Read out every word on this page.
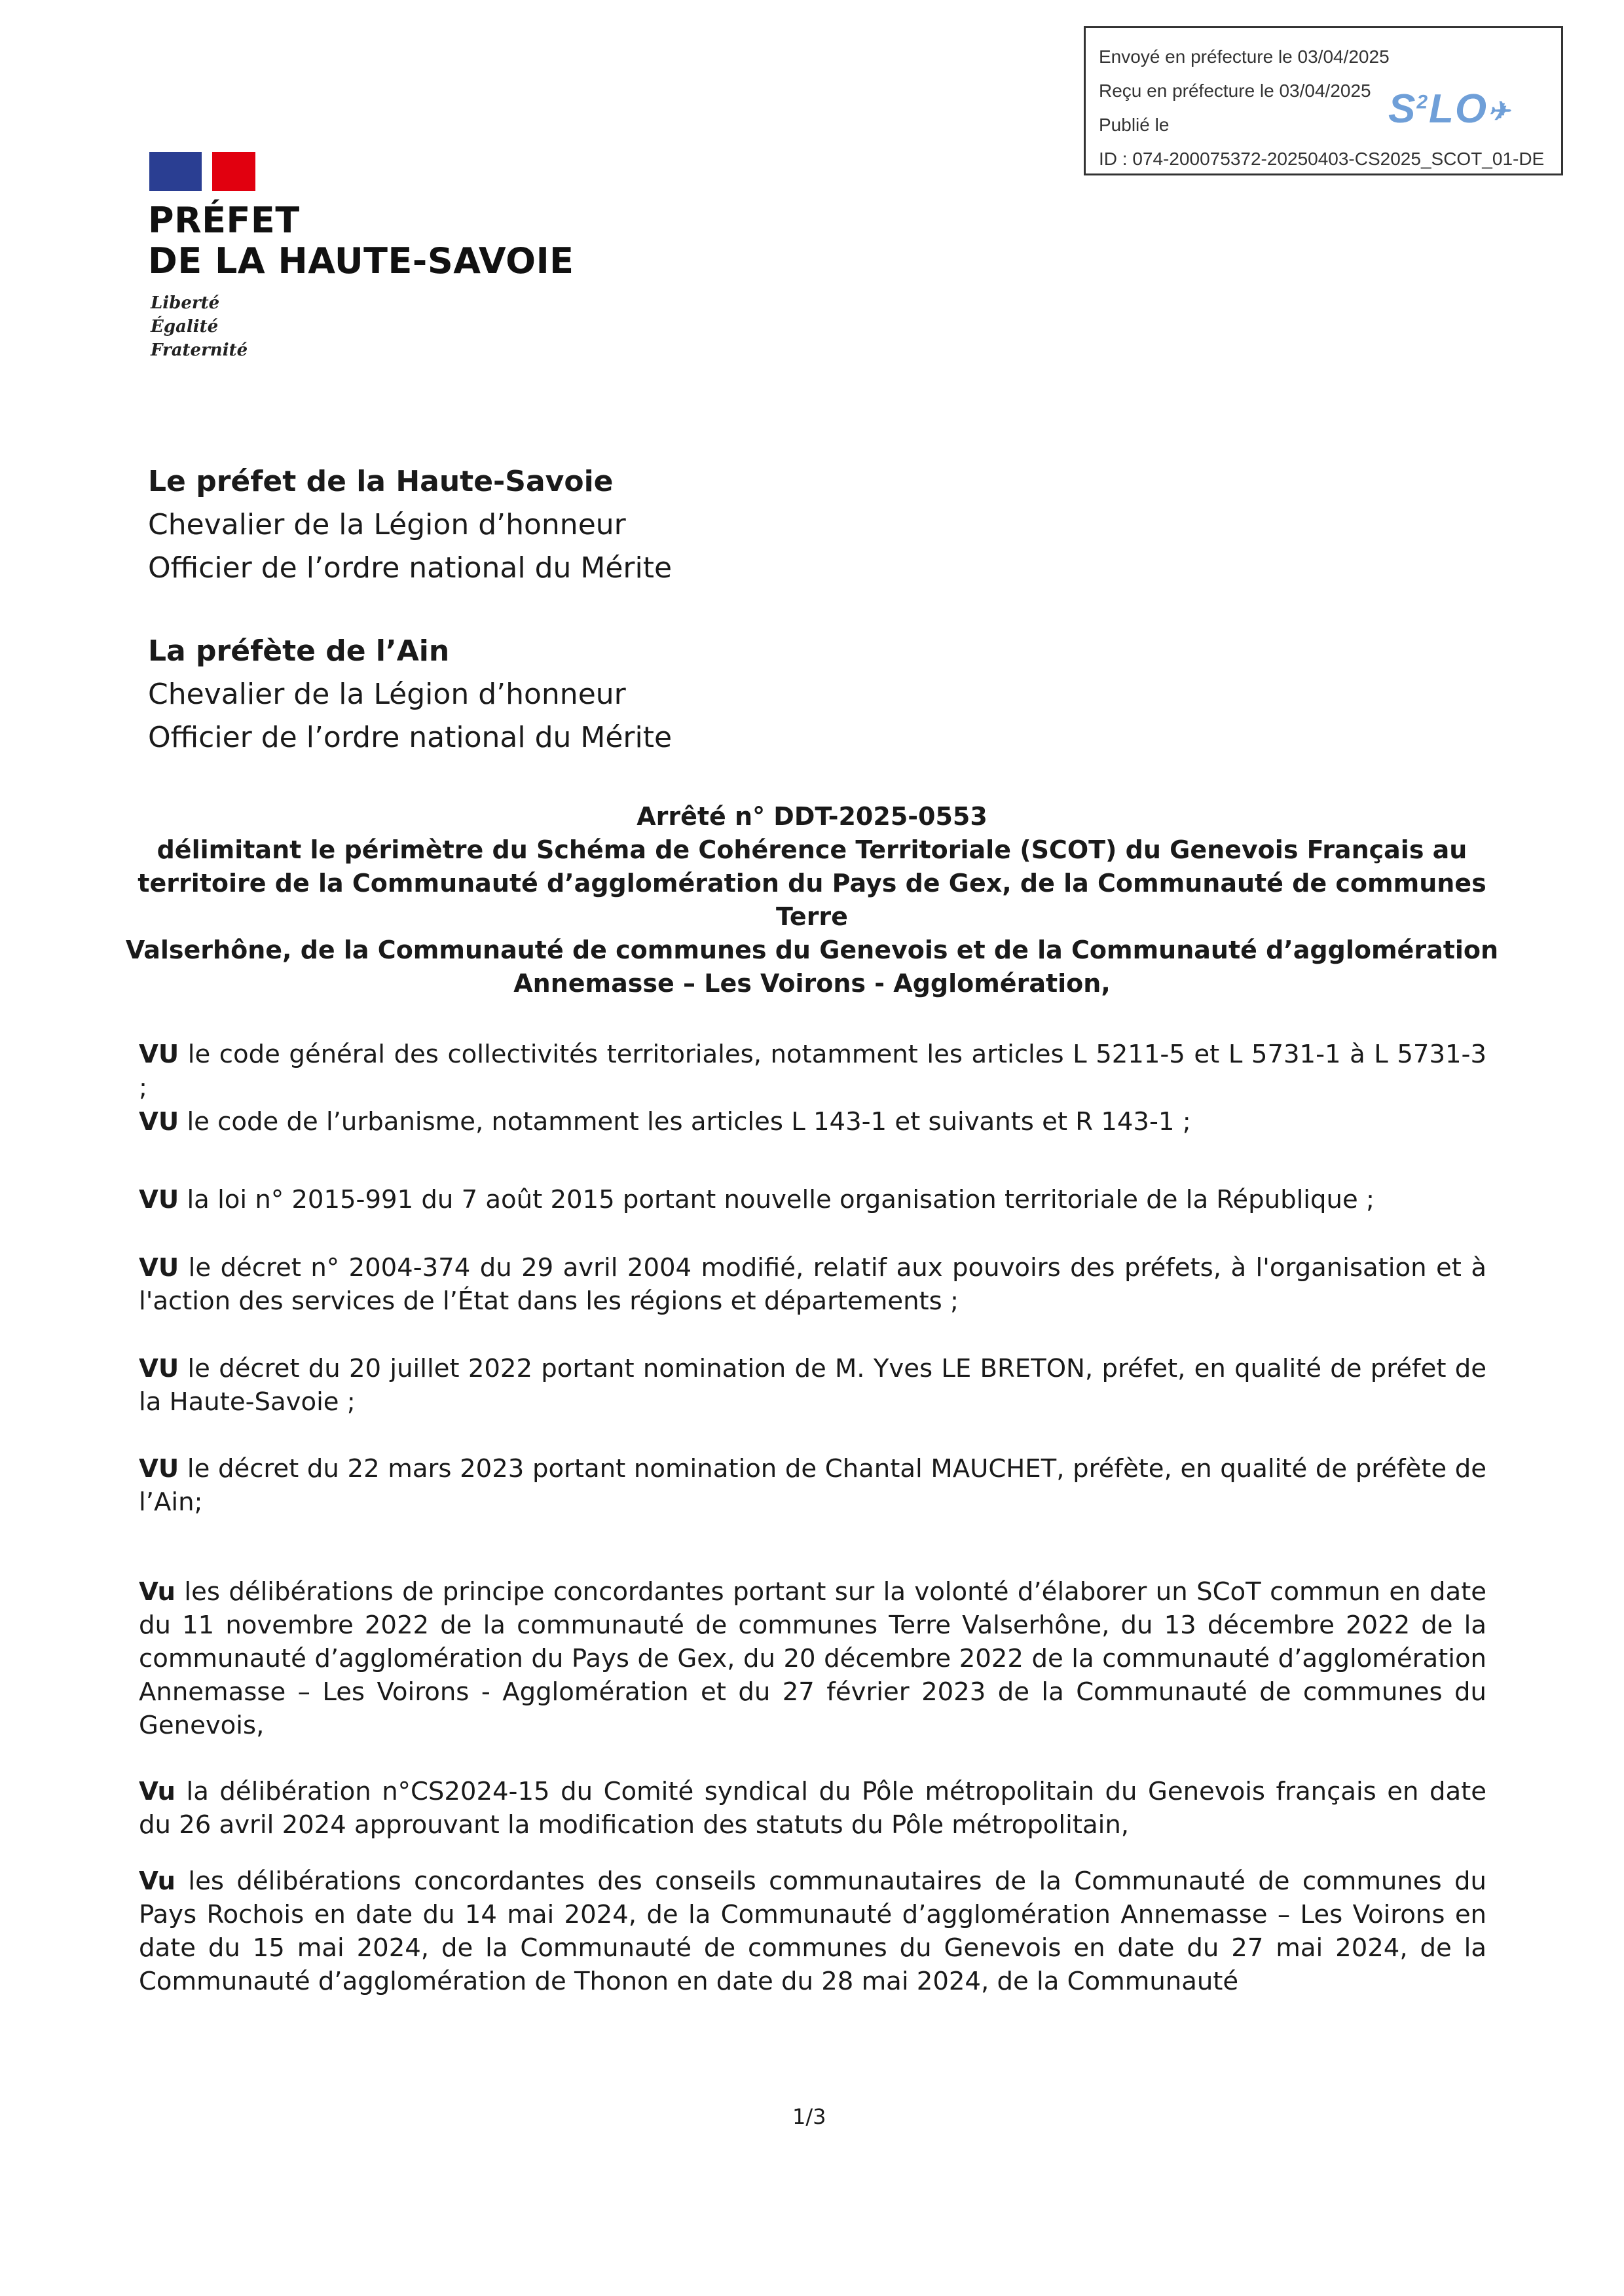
Envoyé en préfecture le 03/04/2025
Reçu en préfecture le 03/04/2025
Publié le
ID : 074-200075372-20250403-CS2025_SCOT_01-DE
$S^2LO✈$
PRÉFET
DE LA HAUTE-SAVOIE
Liberté
Égalité
Fraternité
Le préfet de la Haute-Savoie
Chevalier de la Légion d’honneur
Officier de l’ordre national du Mérite
La préfète de l’Ain
Chevalier de la Légion d’honneur
Officier de l’ordre national du Mérite
Arrêté n° DDT-2025-0553
délimitant le périmètre du Schéma de Cohérence Territoriale (SCOT) du Genevois Français au
territoire de la Communauté d’agglomération du Pays de Gex, de la Communauté de communes Terre
Valserhône, de la Communauté de communes du Genevois et de la Communauté d’agglomération
Annemasse – Les Voirons - Agglomération,
VU le code général des collectivités territoriales, notamment les articles L 5211-5 et L 5731-1 à L 5731-3 ;
VU le code de l’urbanisme, notamment les articles L 143-1 et suivants et R 143-1 ;
VU la loi n° 2015-991 du 7 août 2015 portant nouvelle organisation territoriale de la République ;
VU le décret n° 2004-374 du 29 avril 2004 modifié, relatif aux pouvoirs des préfets, à l'organisation et à l'action des services de l’État dans les régions et départements ;
VU le décret du 20 juillet 2022 portant nomination de M. Yves LE BRETON, préfet, en qualité de préfet de la Haute-Savoie ;
VU le décret du 22 mars 2023 portant nomination de Chantal MAUCHET, préfète, en qualité de préfète de l’Ain;
Vu les délibérations de principe concordantes portant sur la volonté d’élaborer un SCoT commun en date du 11 novembre 2022 de la communauté de communes Terre Valserhône, du 13 décembre 2022 de la communauté d’agglomération du Pays de Gex, du 20 décembre 2022 de la communauté d’agglomération Annemasse – Les Voirons - Agglomération et du 27 février 2023 de la Communauté de communes du Genevois,
Vu la délibération n°CS2024-15 du Comité syndical du Pôle métropolitain du Genevois français en date du 26 avril 2024 approuvant la modification des statuts du Pôle métropolitain,
Vu les délibérations concordantes des conseils communautaires de la Communauté de communes du Pays Rochois en date du 14 mai 2024, de la Communauté d’agglomération Annemasse – Les Voirons en date du 15 mai 2024, de la Communauté de communes du Genevois en date du 27 mai 2024, de la Communauté d’agglomération de Thonon en date du 28 mai 2024, de la Communauté
1/3
